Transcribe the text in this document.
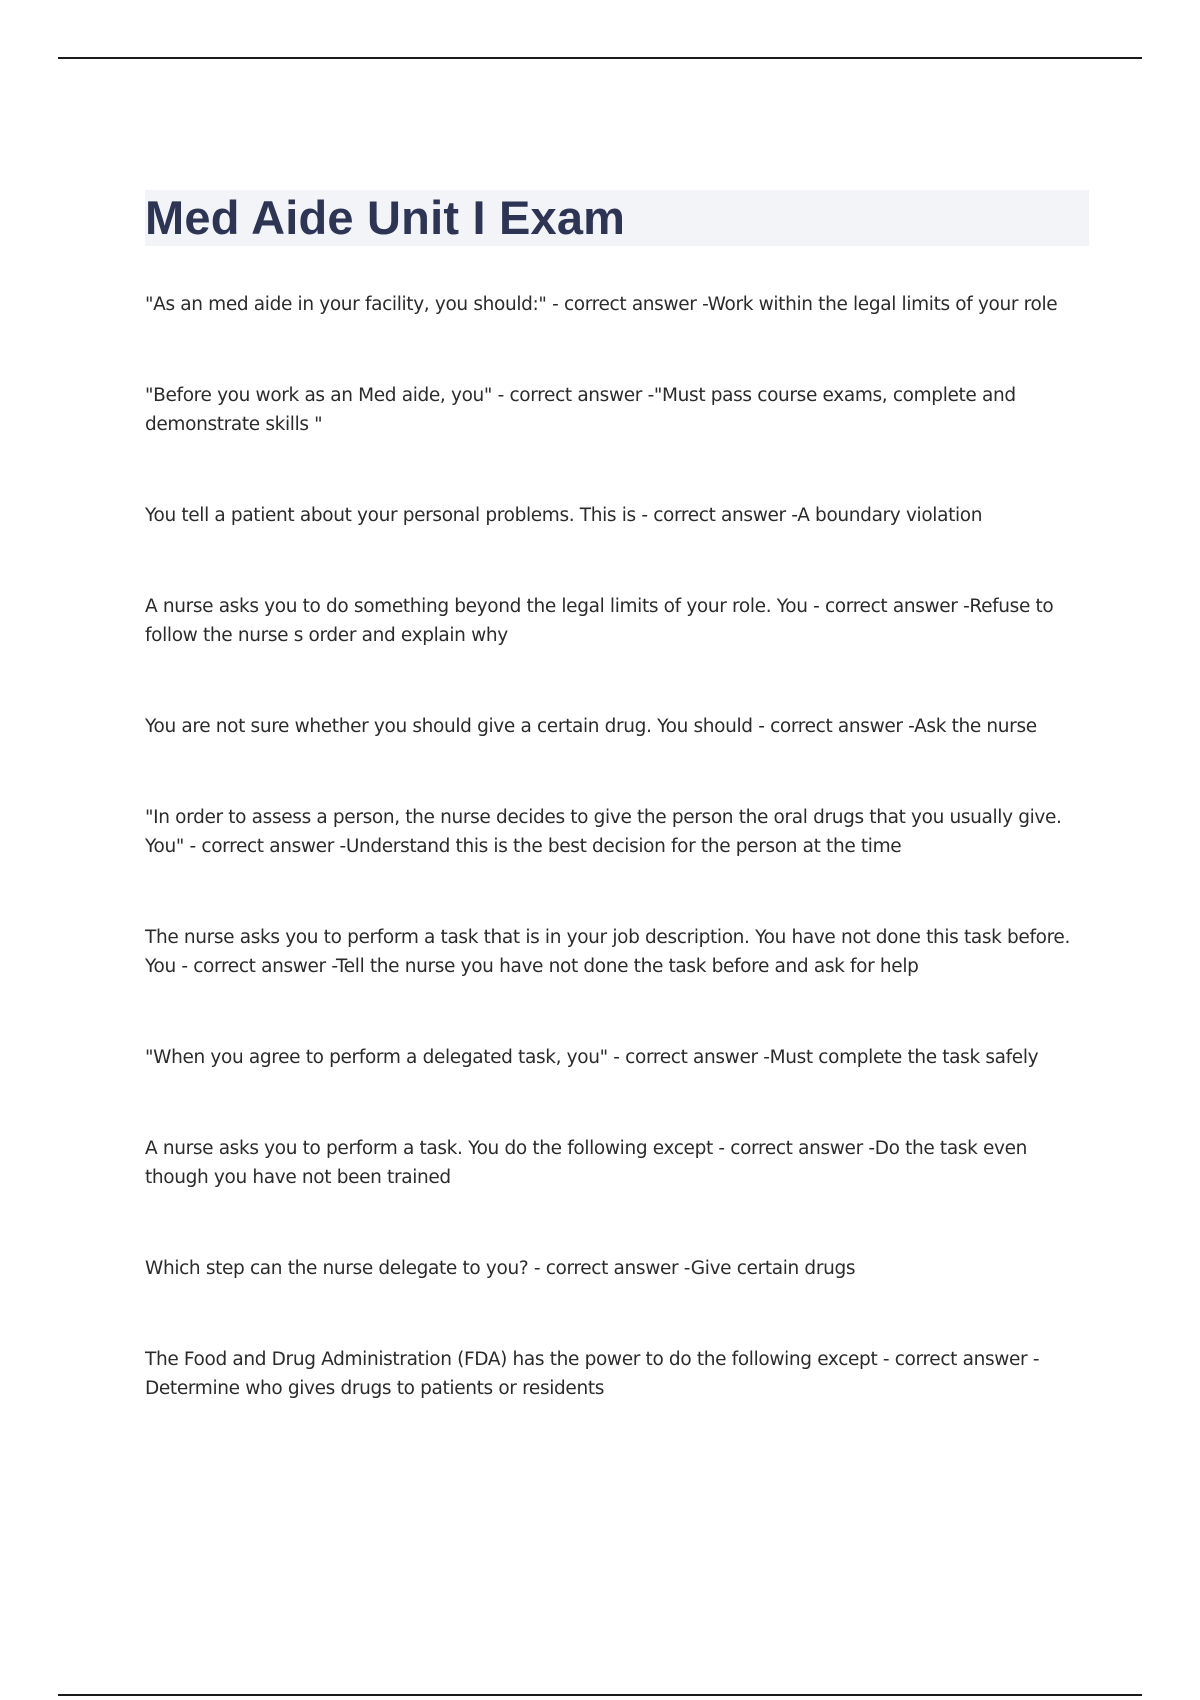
Med Aide Unit I Exam
"As an med aide in your facility, you should:" - correct answer -Work within the legal limits of your role
"Before you work as an Med aide, you" - correct answer -"Must pass course exams, complete and demonstrate skills "
You tell a patient about your personal problems. This is - correct answer -A boundary violation
A nurse asks you to do something beyond the legal limits of your role. You - correct answer -Refuse to follow the nurse s order and explain why
You are not sure whether you should give a certain drug. You should - correct answer -Ask the nurse
"In order to assess a person, the nurse decides to give the person the oral drugs that you usually give. You" - correct answer -Understand this is the best decision for the person at the time
The nurse asks you to perform a task that is in your job description. You have not done this task before. You - correct answer -Tell the nurse you have not done the task before and ask for help
"When you agree to perform a delegated task, you" - correct answer -Must complete the task safely
A nurse asks you to perform a task. You do the following except - correct answer -Do the task even though you have not been trained
Which step can the nurse delegate to you? - correct answer -Give certain drugs
The Food and Drug Administration (FDA) has the power to do the following except - correct answer -Determine who gives drugs to patients or residents
